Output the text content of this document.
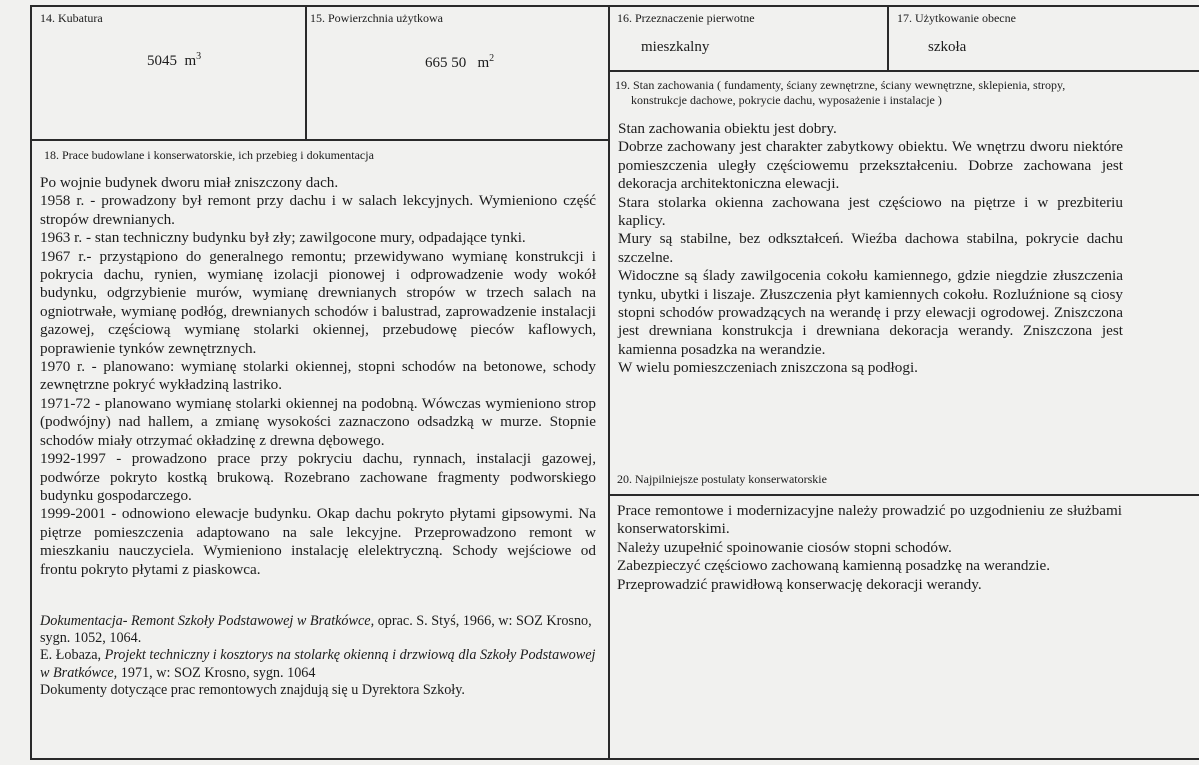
14. Kubatura
5045 $m^3$
15. Powierzchnia użytkowa
665 50 $m^2$
16. Przeznaczenie pierwotne
mieszkalny
17. Użytkowanie obecne
szkoła
19. Stan zachowania ( fundamenty, ściany zewnętrzne, ściany wewnętrzne, sklepienia, stropy,
konstrukcje dachowe, pokrycie dachu, wyposażenie i instalacje )

Stan zachowania obiektu jest dobry.

Dobrze zachowany jest charakter zabytkowy obiektu. We wnętrzu dworu niektóre pomieszczenia uległy częściowemu przekształceniu. Dobrze zachowana jest dekoracja architektoniczna elewacji.

Stara stolarka okienna zachowana jest częściowo na piętrze i w prezbiteriu kaplicy.

Mury są stabilne, bez odkształceń. Wieźba dachowa stabilna, pokrycie dachu szczelne.

Widoczne są ślady zawilgocenia cokołu kamiennego, gdzie niegdzie złuszczenia tynku, ubytki i liszaje. Złuszczenia płyt kamiennych cokołu. Rozluźnione są ciosy stopni schodów prowadzących na werandę i przy elewacji ogrodowej. Zniszczona jest drewniana konstrukcja i drewniana dekoracja werandy. Zniszczona jest kamienna posadzka na werandzie.

W wielu pomieszczeniach zniszczona są podłogi.

18. Prace budowlane i konserwatorskie, ich przebieg i dokumentacja

Po wojnie budynek dworu miał zniszczony dach.

1958 r. - prowadzony był remont przy dachu i w salach lekcyjnych. Wymieniono część stropów drewnianych.

1963 r. - stan techniczny budynku był zły; zawilgocone mury, odpadające tynki.

1967 r.- przystąpiono do generalnego remontu; przewidywano wymianę konstrukcji i pokrycia dachu, rynien, wymianę izolacji pionowej i odprowadzenie wody wokół budynku, odgrzybienie murów, wymianę drewnianych stropów w trzech salach na ogniotrwałe, wymianę podłóg, drewnianych schodów i balustrad, zaprowadzenie instalacji gazowej, częściową wymianę stolarki okiennej, przebudowę pieców kaflowych, poprawienie tynków zewnętrznych.

1970 r. - planowano: wymianę stolarki okiennej, stopni schodów na betonowe, schody zewnętrzne pokryć wykładziną lastriko.

1971-72 - planowano wymianę stolarki okiennej na podobną. Wówczas wymieniono strop (podwójny) nad hallem, a zmianę wysokości zaznaczono odsadzką w murze. Stopnie schodów miały otrzymać okładzinę z drewna dębowego.

1992-1997 - prowadzono prace przy pokryciu dachu, rynnach, instalacji gazowej, podwórze pokryto kostką brukową. Rozebrano zachowane fragmenty podworskiego budynku gospodarczego.

1999-2001 - odnowiono elewacje budynku. Okap dachu pokryto płytami gipsowymi. Na piętrze pomieszczenia adaptowano na sale lekcyjne. Przeprowadzono remont w mieszkaniu nauczyciela. Wymieniono instalację elelektryczną. Schody wejściowe od frontu pokryto płytami z piaskowca.

Dokumentacja- Remont Szkoły Podstawowej w Bratkówce, oprac. S. Styś, 1966, w: SOZ Krosno, sygn. 1052, 1064.

E. Łobaza, Projekt techniczny i kosztorys na stolarkę okienną i drzwiową dla Szkoły Podstawowej w Bratkówce, 1971, w: SOZ Krosno, sygn. 1064

Dokumenty dotyczące prac remontowych znajdują się u Dyrektora Szkoły.

20. Najpilniejsze postulaty konserwatorskie

Prace remontowe i modernizacyjne należy prowadzić po uzgodnieniu ze służbami konserwatorskimi.

Należy uzupełnić spoinowanie ciosów stopni schodów.

Zabezpieczyć częściowo zachowaną kamienną posadzkę na werandzie.

Przeprowadzić prawidłową konserwację dekoracji werandy.
